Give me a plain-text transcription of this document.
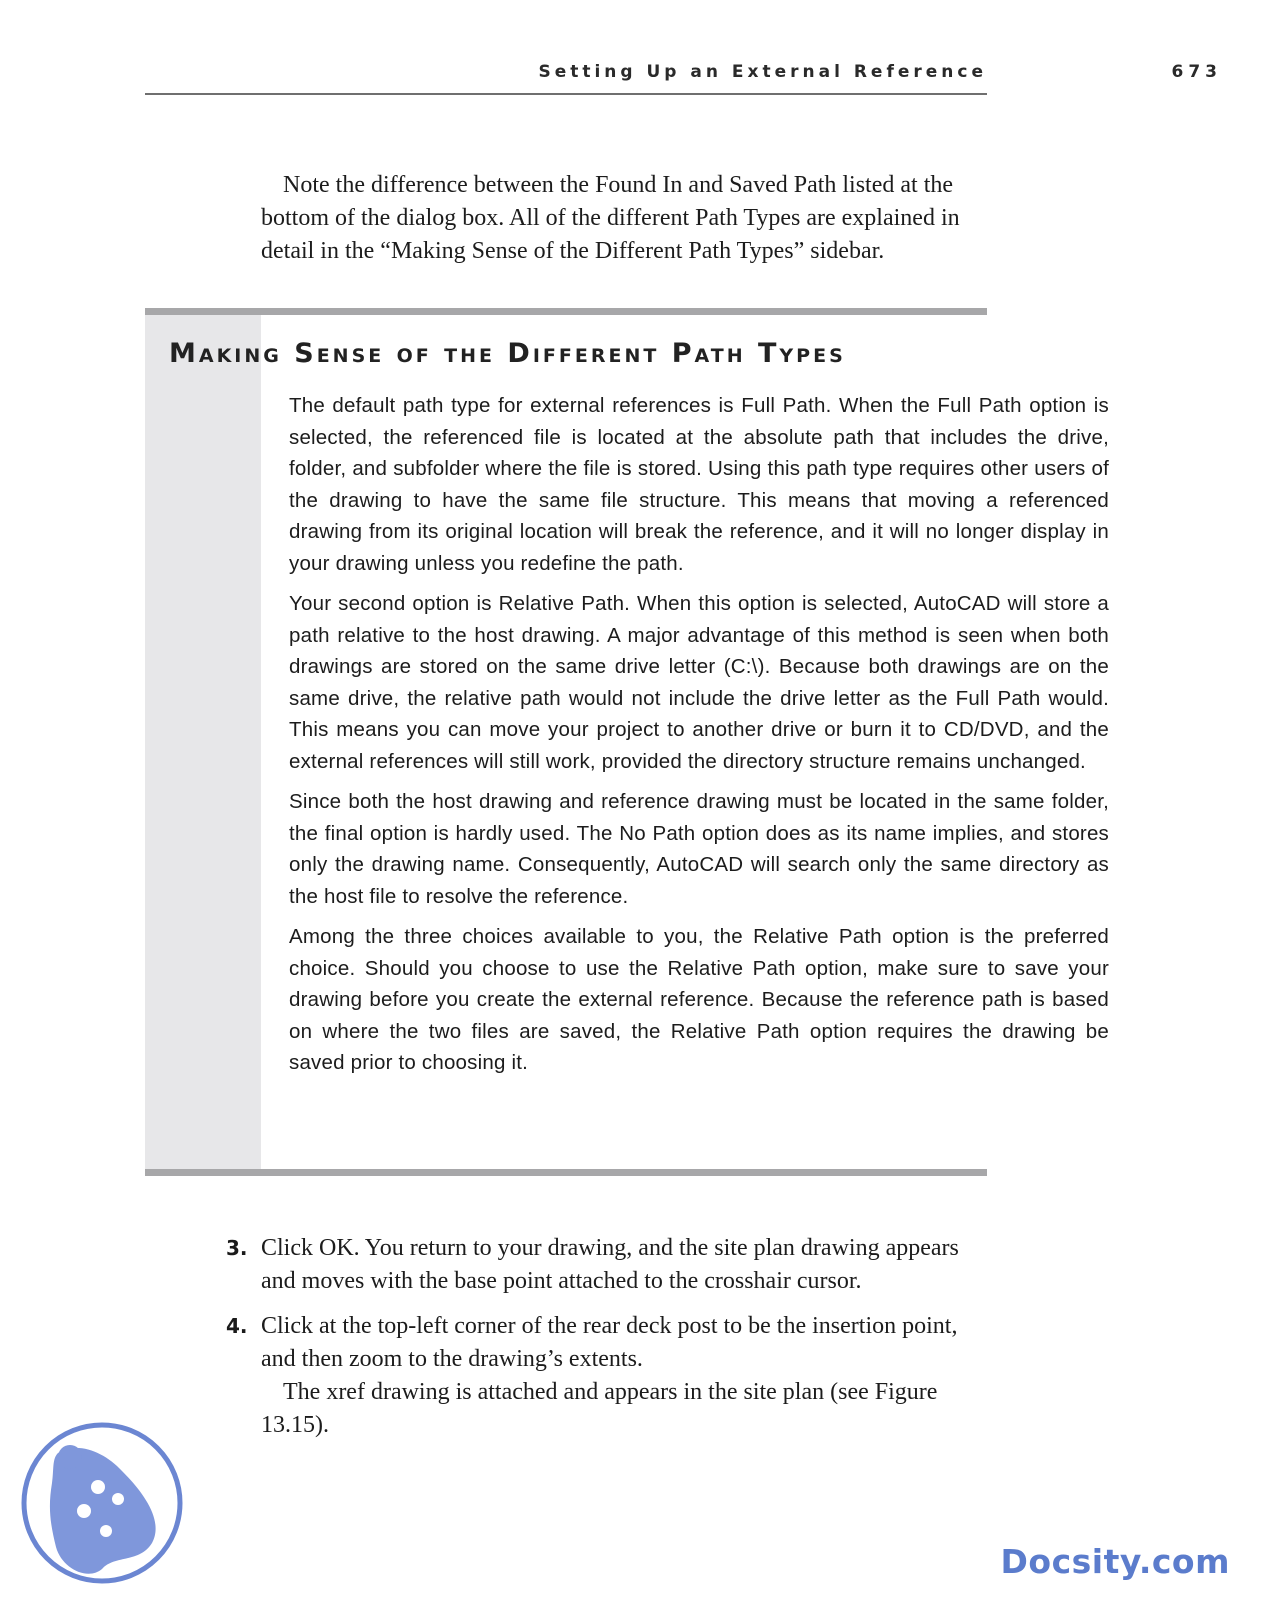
Setting Up an External Reference	673

Note the difference between the Found In and Saved Path listed at the bottom of the dialog box. All of the different Path Types are explained in detail in the “Making Sense of the Different Path Types” sidebar.

Making Sense of the Different Path Types

The default path type for external references is Full Path. When the Full Path option is selected, the referenced file is located at the absolute path that includes the drive, folder, and subfolder where the file is stored. Using this path type requires other users of the drawing to have the same file structure. This means that moving a referenced drawing from its original location will break the reference, and it will no longer display in your drawing unless you redefine the path.

Your second option is Relative Path. When this option is selected, AutoCAD will store a path relative to the host drawing. A major advantage of this method is seen when both drawings are stored on the same drive letter (C:\). Because both drawings are on the same drive, the relative path would not include the drive letter as the Full Path would. This means you can move your project to another drive or burn it to CD/DVD, and the external references will still work, provided the directory structure remains unchanged.

Since both the host drawing and reference drawing must be located in the same folder, the final option is hardly used. The No Path option does as its name implies, and stores only the drawing name. Consequently, AutoCAD will search only the same directory as the host file to resolve the reference.

Among the three choices available to you, the Relative Path option is the preferred choice. Should you choose to use the Relative Path option, make sure to save your drawing before you create the external reference. Because the reference path is based on where the two files are saved, the Relative Path option requires the drawing be saved prior to choosing it.

3. Click OK. You return to your drawing, and the site plan drawing appears and moves with the base point attached to the crosshair cursor.

4. Click at the top-left corner of the rear deck post to be the insertion point, and then zoom to the drawing’s extents.

The xref drawing is attached and appears in the site plan (see Figure 13.15).

Docsity.com
